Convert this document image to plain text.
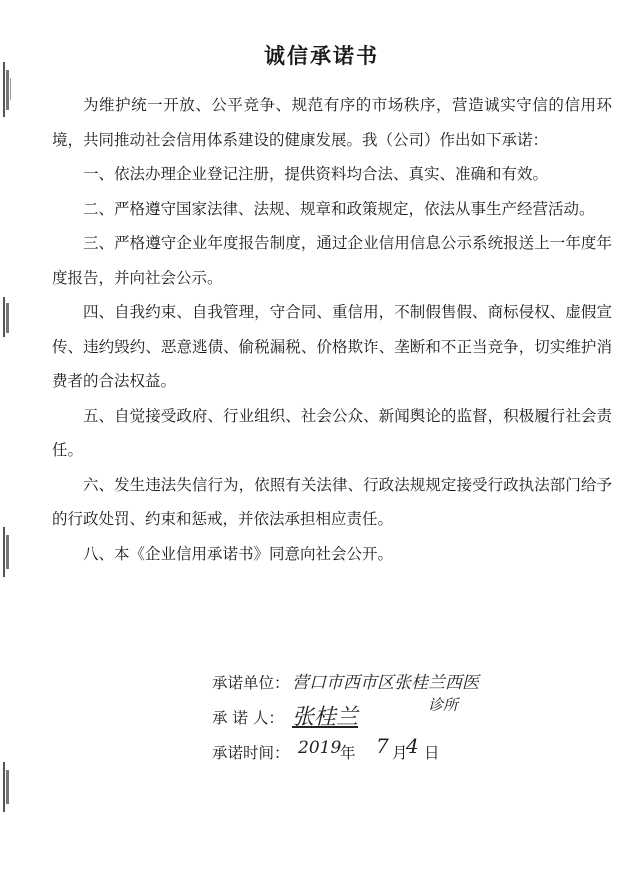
诚信承诺书

为维护统一开放、公平竞争、规范有序的市场秩序，营造诚实守信的信用环境，共同推动社会信用体系建设的健康发展。我（公司）作出如下承诺：

一、依法办理企业登记注册，提供资料均合法、真实、准确和有效。

二、严格遵守国家法律、法规、规章和政策规定，依法从事生产经营活动。

三、严格遵守企业年度报告制度，通过企业信用信息公示系统报送上一年度年度报告，并向社会公示。

四、自我约束、自我管理，守合同、重信用，不制假售假、商标侵权、虚假宣传、违约毁约、恶意逃债、偷税漏税、价格欺诈、垄断和不正当竞争，切实维护消费者的合法权益。

五、自觉接受政府、行业组织、社会公众、新闻舆论的监督，积极履行社会责任。

六、发生违法失信行为，依照有关法律、行政法规规定接受行政执法部门给予的行政处罚、约束和惩戒，并依法承担相应责任。

八、本《企业信用承诺书》同意向社会公开。

承诺单位： 营口市西市区张桂兰西医
诊所
承 诺 人： 张桂兰
承诺时间： 2019
年 7 月
4 日
